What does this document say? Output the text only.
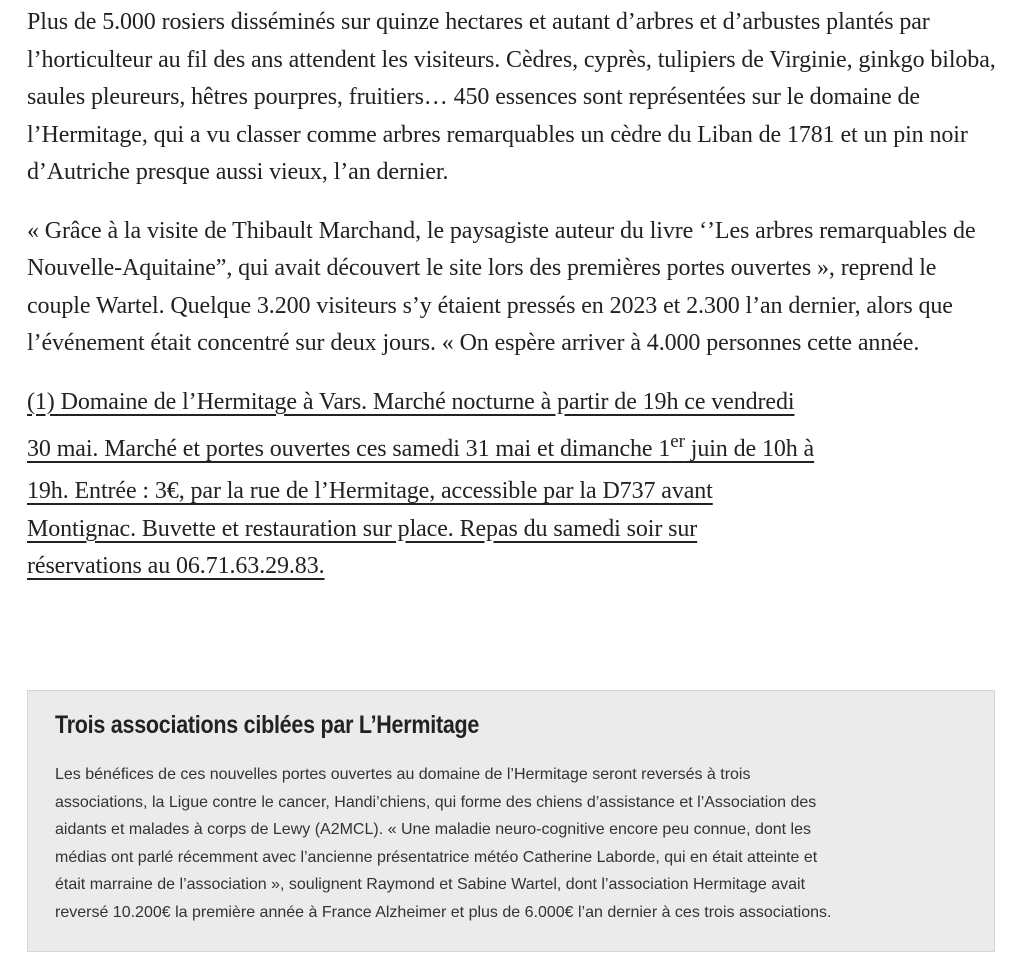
Plus de 5.000 rosiers disséminés sur quinze hectares et autant d’arbres et d’arbustes plantés par l’horticulteur au fil des ans attendent les visiteurs. Cèdres, cyprès, tulipiers de Virginie, ginkgo biloba, saules pleureurs, hêtres pourpres, fruitiers… 450 essences sont représentées sur le domaine de l’Hermitage, qui a vu classer comme arbres remarquables un cèdre du Liban de 1781 et un pin noir d’Autriche presque aussi vieux, l’an dernier.

« Grâce à la visite de Thibault Marchand, le paysagiste auteur du livre ‘’Les arbres remarquables de Nouvelle-Aquitaine”, qui avait découvert le site lors des premières portes ouvertes », reprend le couple Wartel. Quelque 3.200 visiteurs s’y étaient pressés en 2023 et 2.300 l’an dernier, alors que l’événement était concentré sur deux jours. « On espère arriver à 4.000 personnes cette année.

(1) Domaine de l’Hermitage à Vars. Marché nocturne à partir de 19h ce vendredi
30 mai. Marché et portes ouvertes ces samedi 31 mai et dimanche 1er juin de 10h à
19h. Entrée : 3€, par la rue de l’Hermitage, accessible par la D737 avant
Montignac. Buvette et restauration sur place. Repas du samedi soir sur
réservations au 06.71.63.29.83.

Trois associations ciblées par L’Hermitage

Les bénéfices de ces nouvelles portes ouvertes au domaine de l’Hermitage seront reversés à trois
associations, la Ligue contre le cancer, Handi’chiens, qui forme des chiens d’assistance et l’Association des
aidants et malades à corps de Lewy (A2MCL). « Une maladie neuro-cognitive encore peu connue, dont les
médias ont parlé récemment avec l’ancienne présentatrice météo Catherine Laborde, qui en était atteinte et
était marraine de l’association », soulignent Raymond et Sabine Wartel, dont l’association Hermitage avait
reversé 10.200€ la première année à France Alzheimer et plus de 6.000€ l’an dernier à ces trois associations.
